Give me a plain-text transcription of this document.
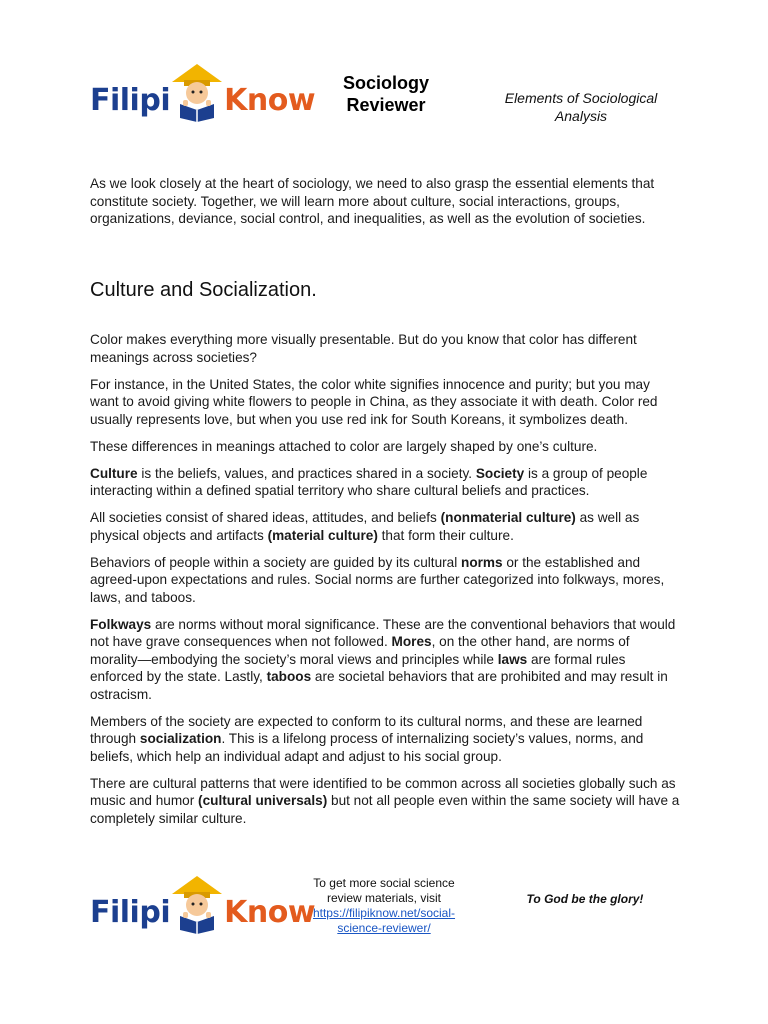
Filipi Know	Sociology Reviewer	Elements of Sociological Analysis

As we look closely at the heart of sociology, we need to also grasp the essential elements that constitute society. Together, we will learn more about culture, social interactions, groups, organizations, deviance, social control, and inequalities, as well as the evolution of societies.

Culture and Socialization.

Color makes everything more visually presentable. But do you know that color has different meanings across societies?

For instance, in the United States, the color white signifies innocence and purity; but you may want to avoid giving white flowers to people in China, as they associate it with death. Color red usually represents love, but when you use red ink for South Koreans, it symbolizes death.

These differences in meanings attached to color are largely shaped by one’s culture.

Culture is the beliefs, values, and practices shared in a society. Society is a group of people interacting within a defined spatial territory who share cultural beliefs and practices.

All societies consist of shared ideas, attitudes, and beliefs (nonmaterial culture) as well as physical objects and artifacts (material culture) that form their culture.

Behaviors of people within a society are guided by its cultural norms or the established and agreed-upon expectations and rules. Social norms are further categorized into folkways, mores, laws, and taboos.

Folkways are norms without moral significance. These are the conventional behaviors that would not have grave consequences when not followed. Mores, on the other hand, are norms of morality—embodying the society’s moral views and principles while laws are formal rules enforced by the state. Lastly, taboos are societal behaviors that are prohibited and may result in ostracism.

Members of the society are expected to conform to its cultural norms, and these are learned through socialization. This is a lifelong process of internalizing society’s values, norms, and beliefs, which help an individual adapt and adjust to his social group.

There are cultural patterns that were identified to be common across all societies globally such as music and humor (cultural universals) but not all people even within the same society will have a completely similar culture.

Filipi Know
To get more social science review materials, visit
https://filipiknow.net/social-
science-reviewer/
To God be the glory!
